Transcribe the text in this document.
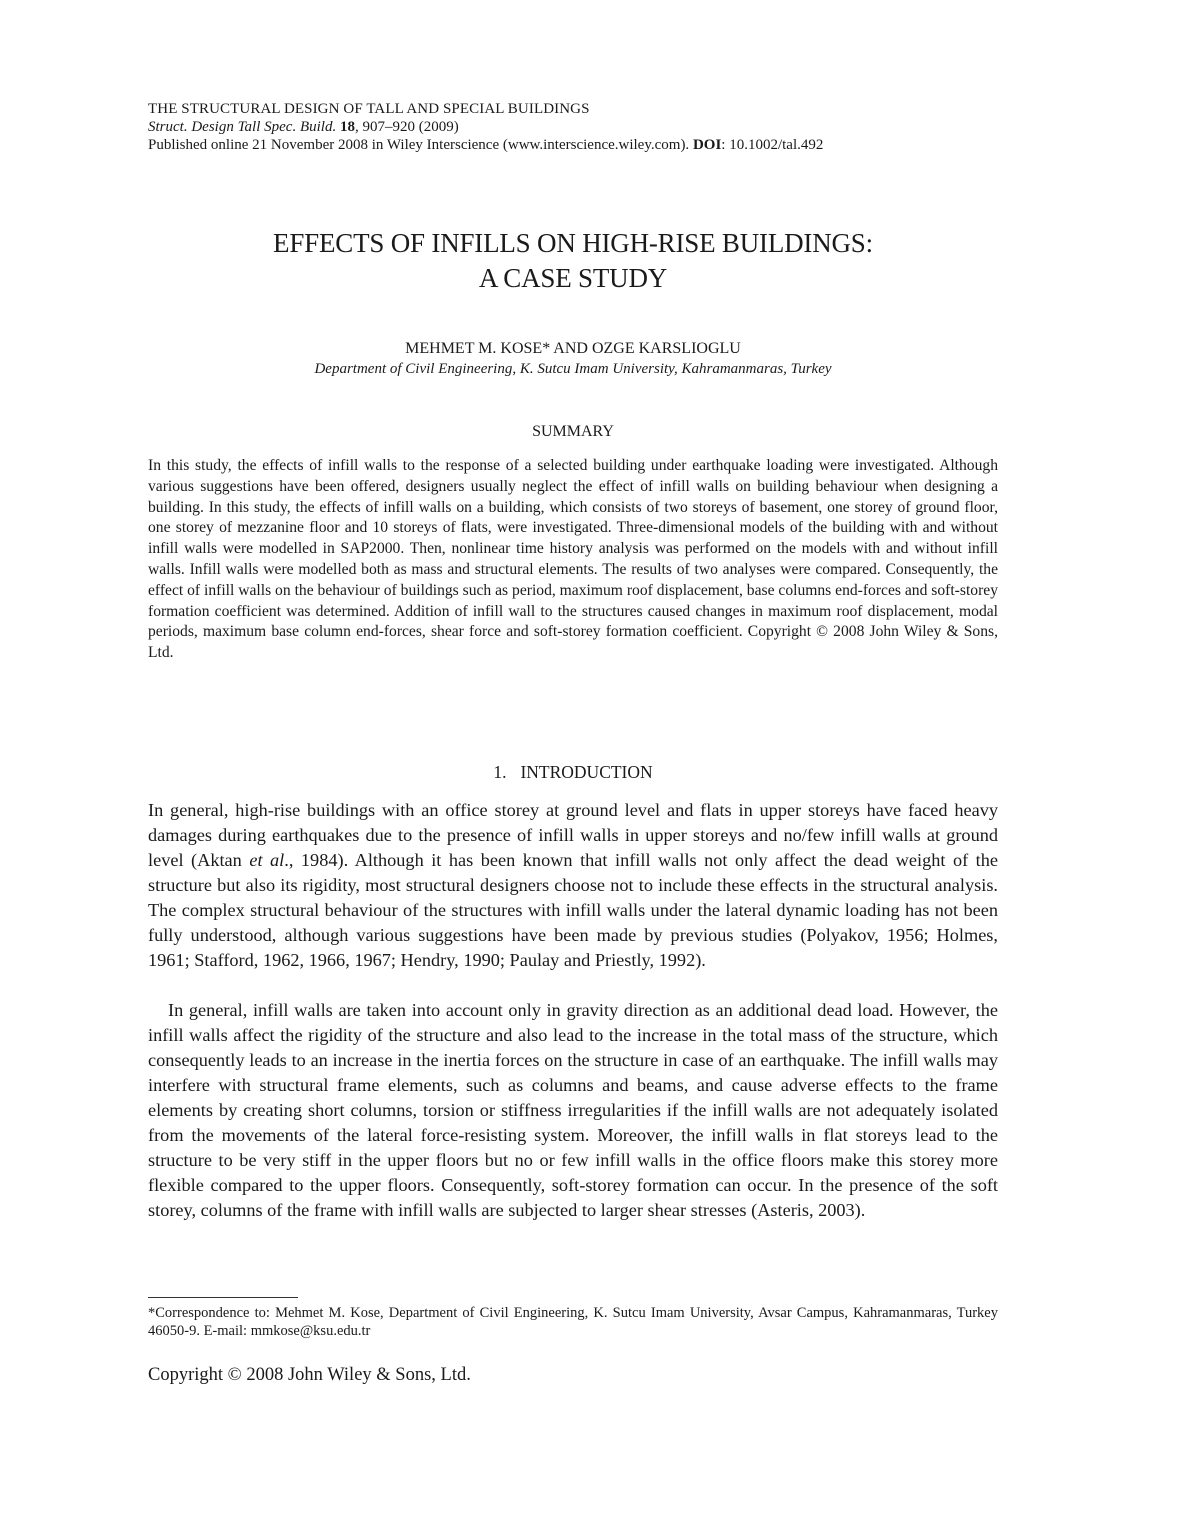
THE STRUCTURAL DESIGN OF TALL AND SPECIAL BUILDINGS
Struct. Design Tall Spec. Build. 18, 907–920 (2009)
Published online 21 November 2008 in Wiley Interscience (www.interscience.wiley.com). DOI: 10.1002/tal.492
EFFECTS OF INFILLS ON HIGH-RISE BUILDINGS:
A CASE STUDY
MEHMET M. KOSE* AND OZGE KARSLIOGLU
Department of Civil Engineering, K. Sutcu Imam University, Kahramanmaras, Turkey
SUMMARY

In this study, the effects of infill walls to the response of a selected building under earthquake loading were investigated. Although various suggestions have been offered, designers usually neglect the effect of infill walls on building behaviour when designing a building. In this study, the effects of infill walls on a building, which consists of two storeys of basement, one storey of ground floor, one storey of mezzanine floor and 10 storeys of flats, were investigated. Three-dimensional models of the building with and without infill walls were modelled in SAP2000. Then, nonlinear time history analysis was performed on the models with and without infill walls. Infill walls were modelled both as mass and structural elements. The results of two analyses were compared. Consequently, the effect of infill walls on the behaviour of buildings such as period, maximum roof displacement, base columns end-forces and soft-storey formation coefficient was determined. Addition of infill wall to the structures caused changes in maximum roof displacement, modal periods, maximum base column end-forces, shear force and soft-storey formation coefficient. Copyright © 2008 John Wiley & Sons, Ltd.

1. INTRODUCTION

In general, high-rise buildings with an office storey at ground level and flats in upper storeys have faced heavy damages during earthquakes due to the presence of infill walls in upper storeys and no/few infill walls at ground level (Aktan et al., 1984). Although it has been known that infill walls not only affect the dead weight of the structure but also its rigidity, most structural designers choose not to include these effects in the structural analysis. The complex structural behaviour of the structures with infill walls under the lateral dynamic loading has not been fully understood, although various suggestions have been made by previous studies (Polyakov, 1956; Holmes, 1961; Stafford, 1962, 1966, 1967; Hendry, 1990; Paulay and Priestly, 1992).

In general, infill walls are taken into account only in gravity direction as an additional dead load. However, the infill walls affect the rigidity of the structure and also lead to the increase in the total mass of the structure, which consequently leads to an increase in the inertia forces on the structure in case of an earthquake. The infill walls may interfere with structural frame elements, such as columns and beams, and cause adverse effects to the frame elements by creating short columns, torsion or stiffness irregularities if the infill walls are not adequately isolated from the movements of the lateral force-resisting system. Moreover, the infill walls in flat storeys lead to the structure to be very stiff in the upper floors but no or few infill walls in the office floors make this storey more flexible compared to the upper floors. Consequently, soft-storey formation can occur. In the presence of the soft storey, columns of the frame with infill walls are subjected to larger shear stresses (Asteris, 2003).

*Correspondence to: Mehmet M. Kose, Department of Civil Engineering, K. Sutcu Imam University, Avsar Campus, Kahramanmaras, Turkey 46050-9. E-mail: mmkose@ksu.edu.tr

Copyright © 2008 John Wiley & Sons, Ltd.
